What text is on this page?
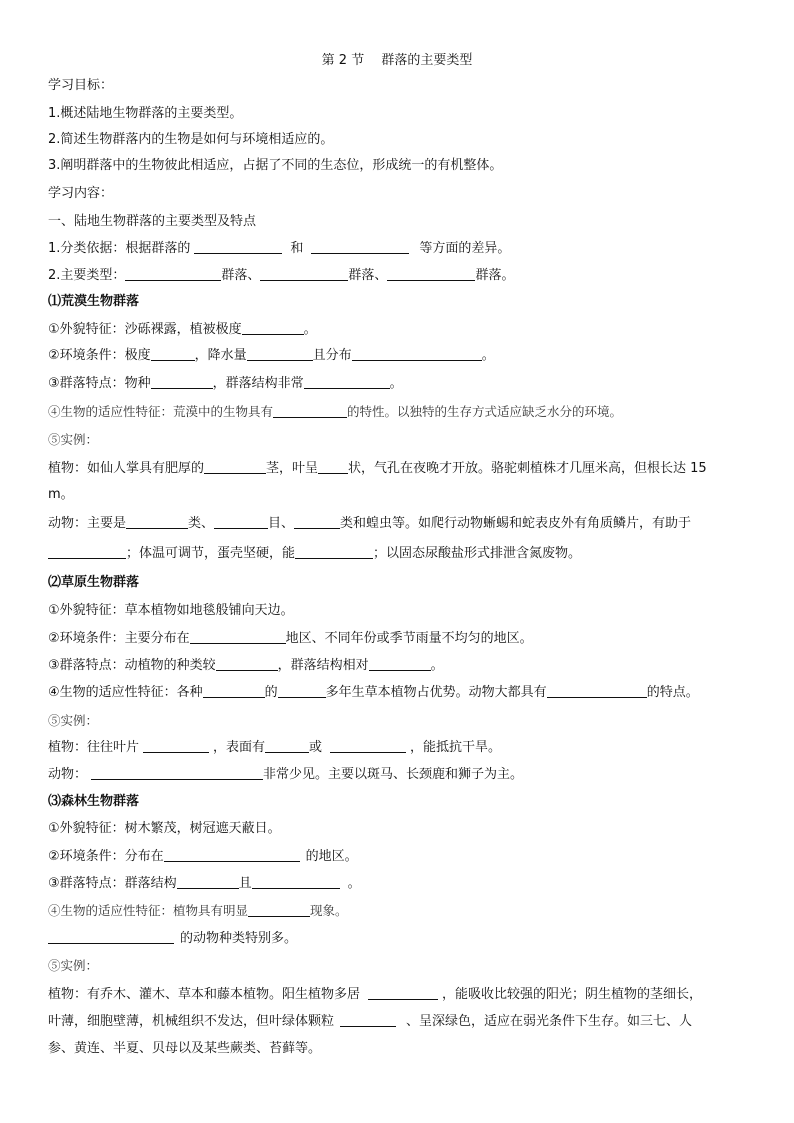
第 2 节　 群落的主要类型
学习目标：
1.概述陆地生物群落的主要类型。
2.简述生物群落内的生物是如何与环境相适应的。
3.阐明群落中的生物彼此相适应，占据了不同的生态位，形成统一的有机整体。
学习内容：
一、陆地生物群落的主要类型及特点
1.分类依据：根据群落的	和	等方面的差异。
2.主要类型：	群落、	群落、	群落。
⑴荒漠生物群落
①外貌特征：沙砾裸露，植被极度	。
②环境条件：极度	，降水量	且分布	。
③群落特点：物种	，群落结构非常	。
④生物的适应性特征：荒漠中的生物具有	的特性。以独特的生存方式适应缺乏水分的环境。
⑤实例：
植物：如仙人掌具有肥厚的	茎，叶呈 状，气孔在夜晚才开放。骆驼刺植株才几厘米高，但根长达 15
m。
动物：主要是	类、	目、	类和蝗虫等。如爬行动物蜥蜴和蛇表皮外有角质鳞片，有助于
；体温可调节，蛋壳坚硬，能	；以固态尿酸盐形式排泄含氮废物。
⑵草原生物群落
①外貌特征：草本植物如地毯般铺向天边。
②环境条件：主要分布在	地区、不同年份或季节雨量不均匀的地区。
③群落特点：动植物的种类较	，群落结构相对	。
④生物的适应性特征：各种	的	多年生草本植物占优势。动物大都具有	的特点。
⑤实例：
植物：往往叶片	，表面有	或	，能抵抗干旱。
动物：	非常少见。主要以斑马、长颈鹿和狮子为主。
⑶森林生物群落
①外貌特征：树木繁茂，树冠遮天蔽日。
②环境条件：分布在	的地区。
③群落特点：群落结构	且	。
④生物的适应性特征：植物具有明显	现象。
的动物种类特别多。
⑤实例：
植物：有乔木、灌木、草本和藤本植物。阳生植物多居	，能吸收比较强的阳光；阴生植物的茎细长，
叶薄，细胞壁薄，机械组织不发达，但叶绿体颗粒	、呈深绿色，适应在弱光条件下生存。如三七、人
参、黄连、半夏、贝母以及某些蕨类、苔藓等。
